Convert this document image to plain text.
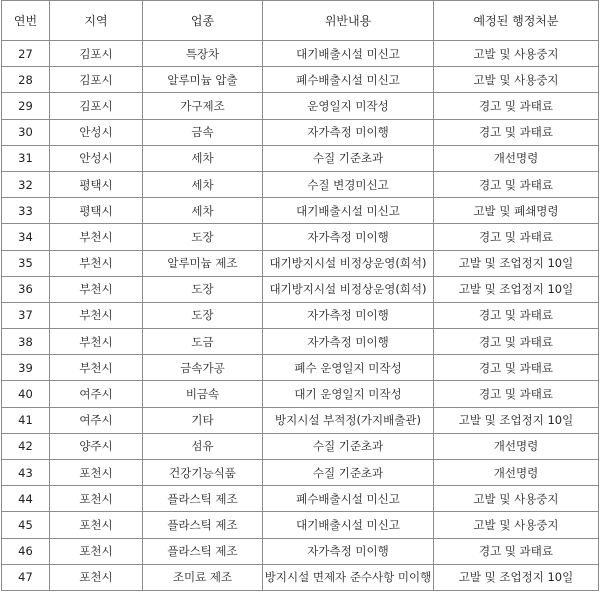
연번	지역	업종	위반내용	예정된 행정처분
27	김포시	특장차	대기배출시설 미신고	고발 및 사용중지
28	김포시	알루미늄 압출	폐수배출시설 미신고	고발 및 사용중지
29	김포시	가구제조	운영일지 미작성	경고 및 과태료
30	안성시	금속	자가측정 미이행	경고 및 과태료
31	안성시	세차	수질 기준초과	개선명령
32	평택시	세차	수질 변경미신고	경고 및 과태료
33	평택시	세차	대기배출시설 미신고	고발 및 폐쇄명령
34	부천시	도장	자가측정 미이행	경고 및 과태료
35	부천시	알루미늄 제조	대기방지시설 비정상운영(희석)	고발 및 조업정지 10일
36	부천시	도장	대기방지시설 비정상운영(희석)	고발 및 조업정지 10일
37	부천시	도장	자가측정 미이행	경고 및 과태료
38	부천시	도금	자가측정 미이행	경고 및 과태료
39	부천시	금속가공	폐수 운영일지 미작성	경고 및 과태료
40	여주시	비금속	대기 운영일지 미작성	경고 및 과태료
41	여주시	기타	방지시설 부적정(가지배출관)	고발 및 조업정지 10일
42	양주시	섬유	수질 기준초과	개선명령
43	포천시	건강기능식품	수질 기준초과	개선명령
44	포천시	플라스틱 제조	폐수배출시설 미신고	고발 및 사용중지
45	포천시	플라스틱 제조	대기배출시설 미신고	고발 및 사용중지
46	포천시	플라스틱 제조	자가측정 미이행	경고 및 과태료
47	포천시	조미료 제조	방지시설 면제자 준수사항 미이행	고발 및 조업정지 10일
